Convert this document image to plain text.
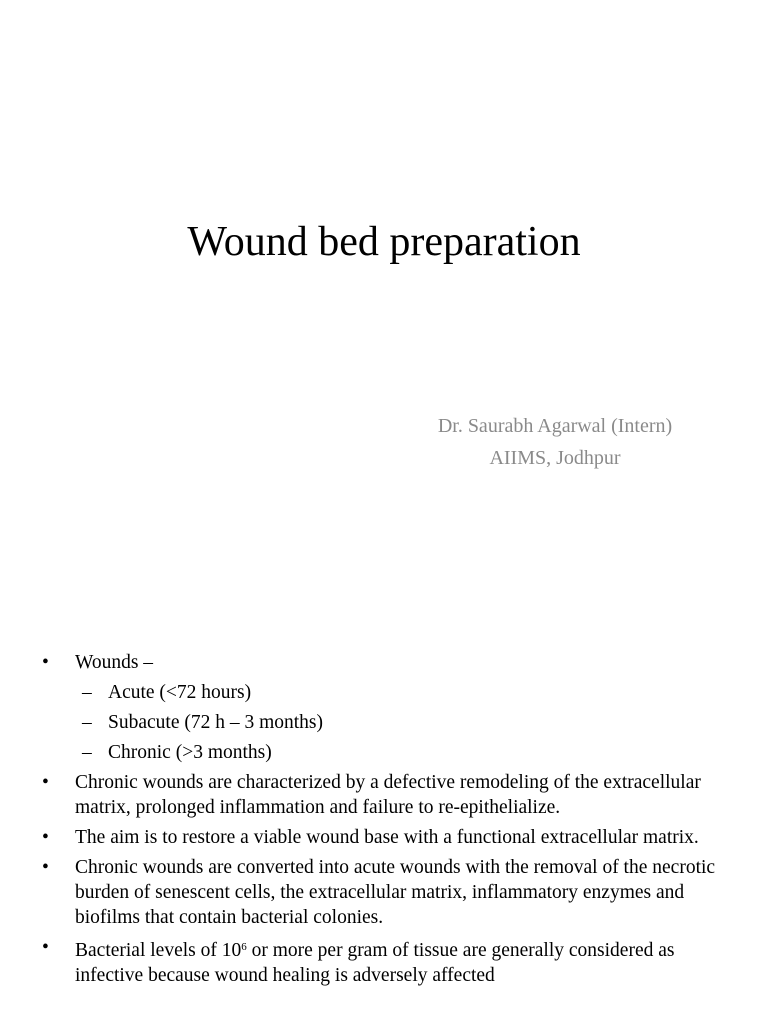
Wound bed preparation
Dr. Saurabh Agarwal (Intern)
AIIMS, Jodhpur
• Wounds –
– Acute (<72 hours)
– Subacute (72 h – 3 months)
– Chronic (>3 months)
• Chronic wounds are characterized by a defective remodeling of the extracellular matrix, prolonged inflammation and failure to re-epithelialize.
• The aim is to restore a viable wound base with a functional extracellular matrix.
• Chronic wounds are converted into acute wounds with the removal of the necrotic burden of senescent cells, the extracellular matrix, inflammatory enzymes and biofilms that contain bacterial colonies.
• Bacterial levels of $10^6$ or more per gram of tissue are generally considered as infective because wound healing is adversely affected
